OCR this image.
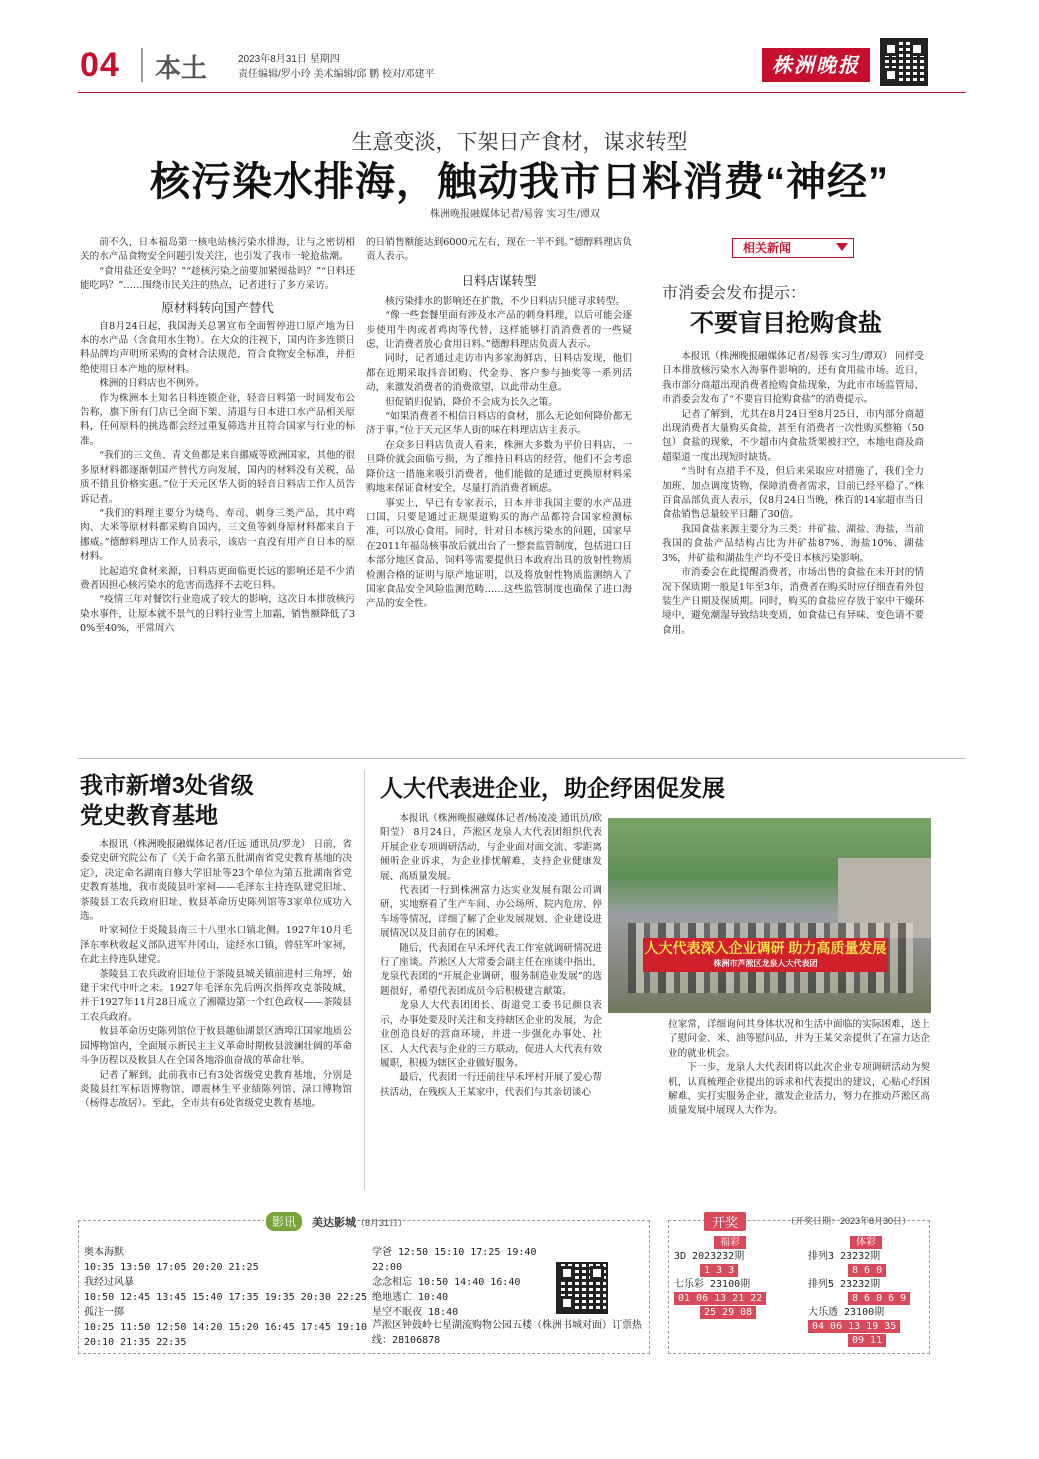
04 本土	2023年8月31日 星期四
责任编辑/罗小玲 美术编辑/邱 鹏 校对/邓建平	株洲晚报
生意变淡，下架日产食材，谋求转型
核污染水排海，触动我市日料消费“神经”
株洲晚报融媒体记者/易蓉 实习生/谭双

前不久，日本福岛第一核电站核污染水排海，让与之密切相关的水产品食物安全问题引发关注，也引发了我市一轮抢盐潮。

“食用盐还安全吗？”“趁核污染之前要加紧囤盐吗？”“日料还能吃吗？”……围绕市民关注的热点，记者进行了多方采访。

原材料转向国产替代

自8月24日起，我国海关总署宣布全面暂停进口原产地为日本的水产品（含食用水生物）。在大众的注视下，国内许多连锁日料品牌均声明所采购的食材合法规范，符合食物安全标准，并拒绝使用日本产地的原材料。

株洲的日料店也不例外。

作为株洲本土知名日料连锁企业，轻音日料第一时间发布公告称，旗下所有门店已全面下架、清退与日本进口水产品相关原料，任何原料的挑选都会经过重复筛选并且符合国家与行业的标准。

“我们的三文鱼、青文鱼都是来自挪威等欧洲国家，其他的很多原材料都逐渐朝国产替代方向发展，国内的材料没有关税，品质不错且价格实惠。”位于天元区华人街的轻音日料店工作人员告诉记者。

“我们的料理主要分为烧鸟、寿司、刺身三类产品，其中鸡肉、大米等原材料都采购自国内，三文鱼等刺身原材料都来自于挪威。”德醇料理店工作人员表示，该店一直没有用产自日本的原材料。

比起追究食材来源，日料店更面临更长远的影响还是不少消费者因担心核污染水的危害而选择不去吃日料。

“疫情三年对餐饮行业造成了较大的影响，这次日本排放核污染水事件，让原本就不景气的日料行业雪上加霜，销售额降低了30%至40%，平常周六

的日销售额能达到6000元左右，现在一半不到。”德醇料理店负责人表示。

日料店谋转型

核污染排水的影响还在扩散，不少日料店只能寻求转型。

“像一些套餐里面有涉及水产品的刺身料理，以后可能会逐步使用牛肉或者鸡肉等代替，这样能够打消消费者的一些疑虑，让消费者放心食用日料。”德醇料理店负责人表示。

同时，记者通过走访市内多家海鲜店、日料店发现，他们都在近期采取抖音团购、代金券、客户参与抽奖等一系列活动，来激发消费者的消费欲望，以此带动生意。

但促销归促销，降价不会成为长久之策。

“如果消费者不相信日料店的食材，那么无论如何降价都无济于事。”位于天元区华人街的味在料理店店主表示。

在众多日料店负责人看来，株洲大多数为平价日料店，一旦降价就会面临亏损，为了维持日料店的经营，他们不会考虑降价这一措施来吸引消费者，他们能做的是通过更换原材料采购地来保证食材安全，尽量打消消费者顾虑。

事实上，早已有专家表示，日本并非我国主要的水产品进口国，只要是通过正规渠道购买的海产品都符合国家检测标准，可以放心食用。同时，针对日本核污染水的问题，国家早在2011年福岛核事故后就出台了一整套监管制度，包括进口日本部分地区食品、饲料等需要提供日本政府出具的放射性物质检测合格的证明与原产地证明，以及将放射性物质监测纳入了国家食品安全风险监测范畴……这些监管制度也确保了进口海产品的安全性。

相关新闻
市消委会发布提示：
不要盲目抢购食盐

本报讯（株洲晚报融媒体记者/易蓉 实习生/谭双） 同样受日本排放核污染水入海事件影响的，还有食用盐市场。近日，我市部分商超出现消费者抢购食盐现象，为此市市场监管局、市消委会发布了“不要盲目抢购食盐”的消费提示。

记者了解到，尤其在8月24日至8月25日，市内部分商超出现消费者大量购买食盐，甚至有消费者一次性购买整箱（50包）食盐的现象，不少超市内食盐货架被扫空，本地电商及商超渠道一度出现短时缺货。

“当时有点措手不及，但后来采取应对措施了，我们全力加班、加点调度货物，保障消费者需求，目前已经平稳了。”株百食品部负责人表示，仅8月24日当晚，株百的14家超市当日食盐销售总量较平日翻了30倍。

我国食盐来源主要分为三类：井矿盐、湖盐、海盐，当前我国的食盐产品结构占比为井矿盐87%、海盐10%、湖盐3%，井矿盐和湖盐生产均不受日本核污染影响。

市消委会在此提醒消费者，市场出售的食盐在未开封的情况下保质期一般是1年至3年，消费者在购买时应仔细查看外包装生产日期及保质期。同时，购买的食盐应存放于家中干燥环境中，避免潮湿导致结块变质，如食盐已有异味、变色请不要食用。

我市新增3处省级
党史教育基地

本报讯（株洲晚报融媒体记者/任远 通讯员/罗龙） 日前，省委党史研究院公布了《关于命名第五批湖南省党史教育基地的决定》，决定命名湖南自修大学旧址等23个单位为第五批湖南省党史教育基地，我市炎陵县叶家祠——毛泽东主持连队建党旧址、茶陵县工农兵政府旧址、攸县革命历史陈列馆等3家单位成功入选。

叶家祠位于炎陵县南三十八里水口镇北侧。1927年10月毛泽东率秋收起义部队进军井冈山，途经水口镇，曾驻军叶家祠，在此主持连队建党。

茶陵县工农兵政府旧址位于茶陵县城关镇前进村三角坪，始建于宋代中叶之末。1927年毛泽东先后两次指挥攻克茶陵城，并于1927年11月28日成立了湘赣边第一个红色政权——茶陵县工农兵政府。

攸县革命历史陈列馆位于攸县趣仙湖景区酒埠江国家地质公园博物馆内，全面展示新民主主义革命时期攸县波澜壮阔的革命斗争历程以及攸县人在全国各地浴血奋战的革命壮举。

记者了解到，此前我市已有3处省级党史教育基地，分别是炎陵县红军标语博物馆、谭震林生平业绩陈列馆、渌口博物馆（杨得志故居）。至此，全市共有6处省级党史教育基地。

人大代表进企业，助企纾困促发展

本报讯（株洲晚报融媒体记者/杨凌凌 通讯员/欧阳莹） 8月24日，芦淞区龙泉人大代表团组织代表开展企业专项调研活动，与企业面对面交流、零距离倾听企业诉求，为企业排忧解难，支持企业健康发展、高质量发展。

代表团一行到株洲富力达实业发展有限公司调研，实地察看了生产车间、办公场所、院内危房、停车场等情况，详细了解了企业发展规划、企业建设进展情况以及目前存在的困难。

随后，代表团在早禾坪代表工作室就调研情况进行了座谈。芦淞区人大常委会副主任在座谈中指出，龙泉代表团的“开展企业调研，服务制造业发展”的选题很好，希望代表团成员今后积极建言献策。

龙泉人大代表团团长、街道党工委书记颜良表示，办事处要及时关注和支持辖区企业的发展，为企业创造良好的营商环境，并进一步强化办事处、社区、人大代表与企业的三方联动，促进人大代表有效履职，积极为辖区企业做好服务。

最后，代表团一行还前往早禾坪村开展了爱心帮扶活动，在残疾人王某家中，代表们与其亲切谈心

人大代表深入企业调研 助力高质量发展
株洲市芦淞区龙泉人大代表团

拉家常，详细询问其身体状况和生活中面临的实际困难，送上了慰问金、米、油等慰问品，并为王某父亲提供了在富力达企业的就业机会。

下一步，龙泉人大代表团将以此次企业专项调研活动为契机，认真梳理企业提出的诉求和代表提出的建议，心贴心纾困解难、实打实服务企业，激发企业活力，努力在推动芦淞区高质量发展中展现人大作为。

影讯	美达影城（8月31日）
奥本海默
10:35 13:50 17:05 20:20 21:25
我经过风暴
10:50 12:45 13:45 15:40 17:35 19:35 20:30 22:25
孤注一掷
10:25 11:50 12:50 14:20 15:20 16:45 17:45 19:10 20:10 21:35 22:35
学爸 12:50 15:10 17:25 19:40 22:00
念念相忘 10:50 14:40 16:40
绝地逃亡 10:40
星空不眠夜 18:40
芦淞区钟鼓岭七星湖流购物公园五楼（株洲书城对面）订票热线：28106878
开奖	（开奖日期：2023年8月30日）
福彩	体彩
3D 2023232期
1 3 3
七乐彩 23100期
01 06 13 21 22
25 29 08
排列3 23232期
8 6 0
排列5 23232期
8 6 0 6 9
大乐透 23100期
04 06 13 19 35
09 11
